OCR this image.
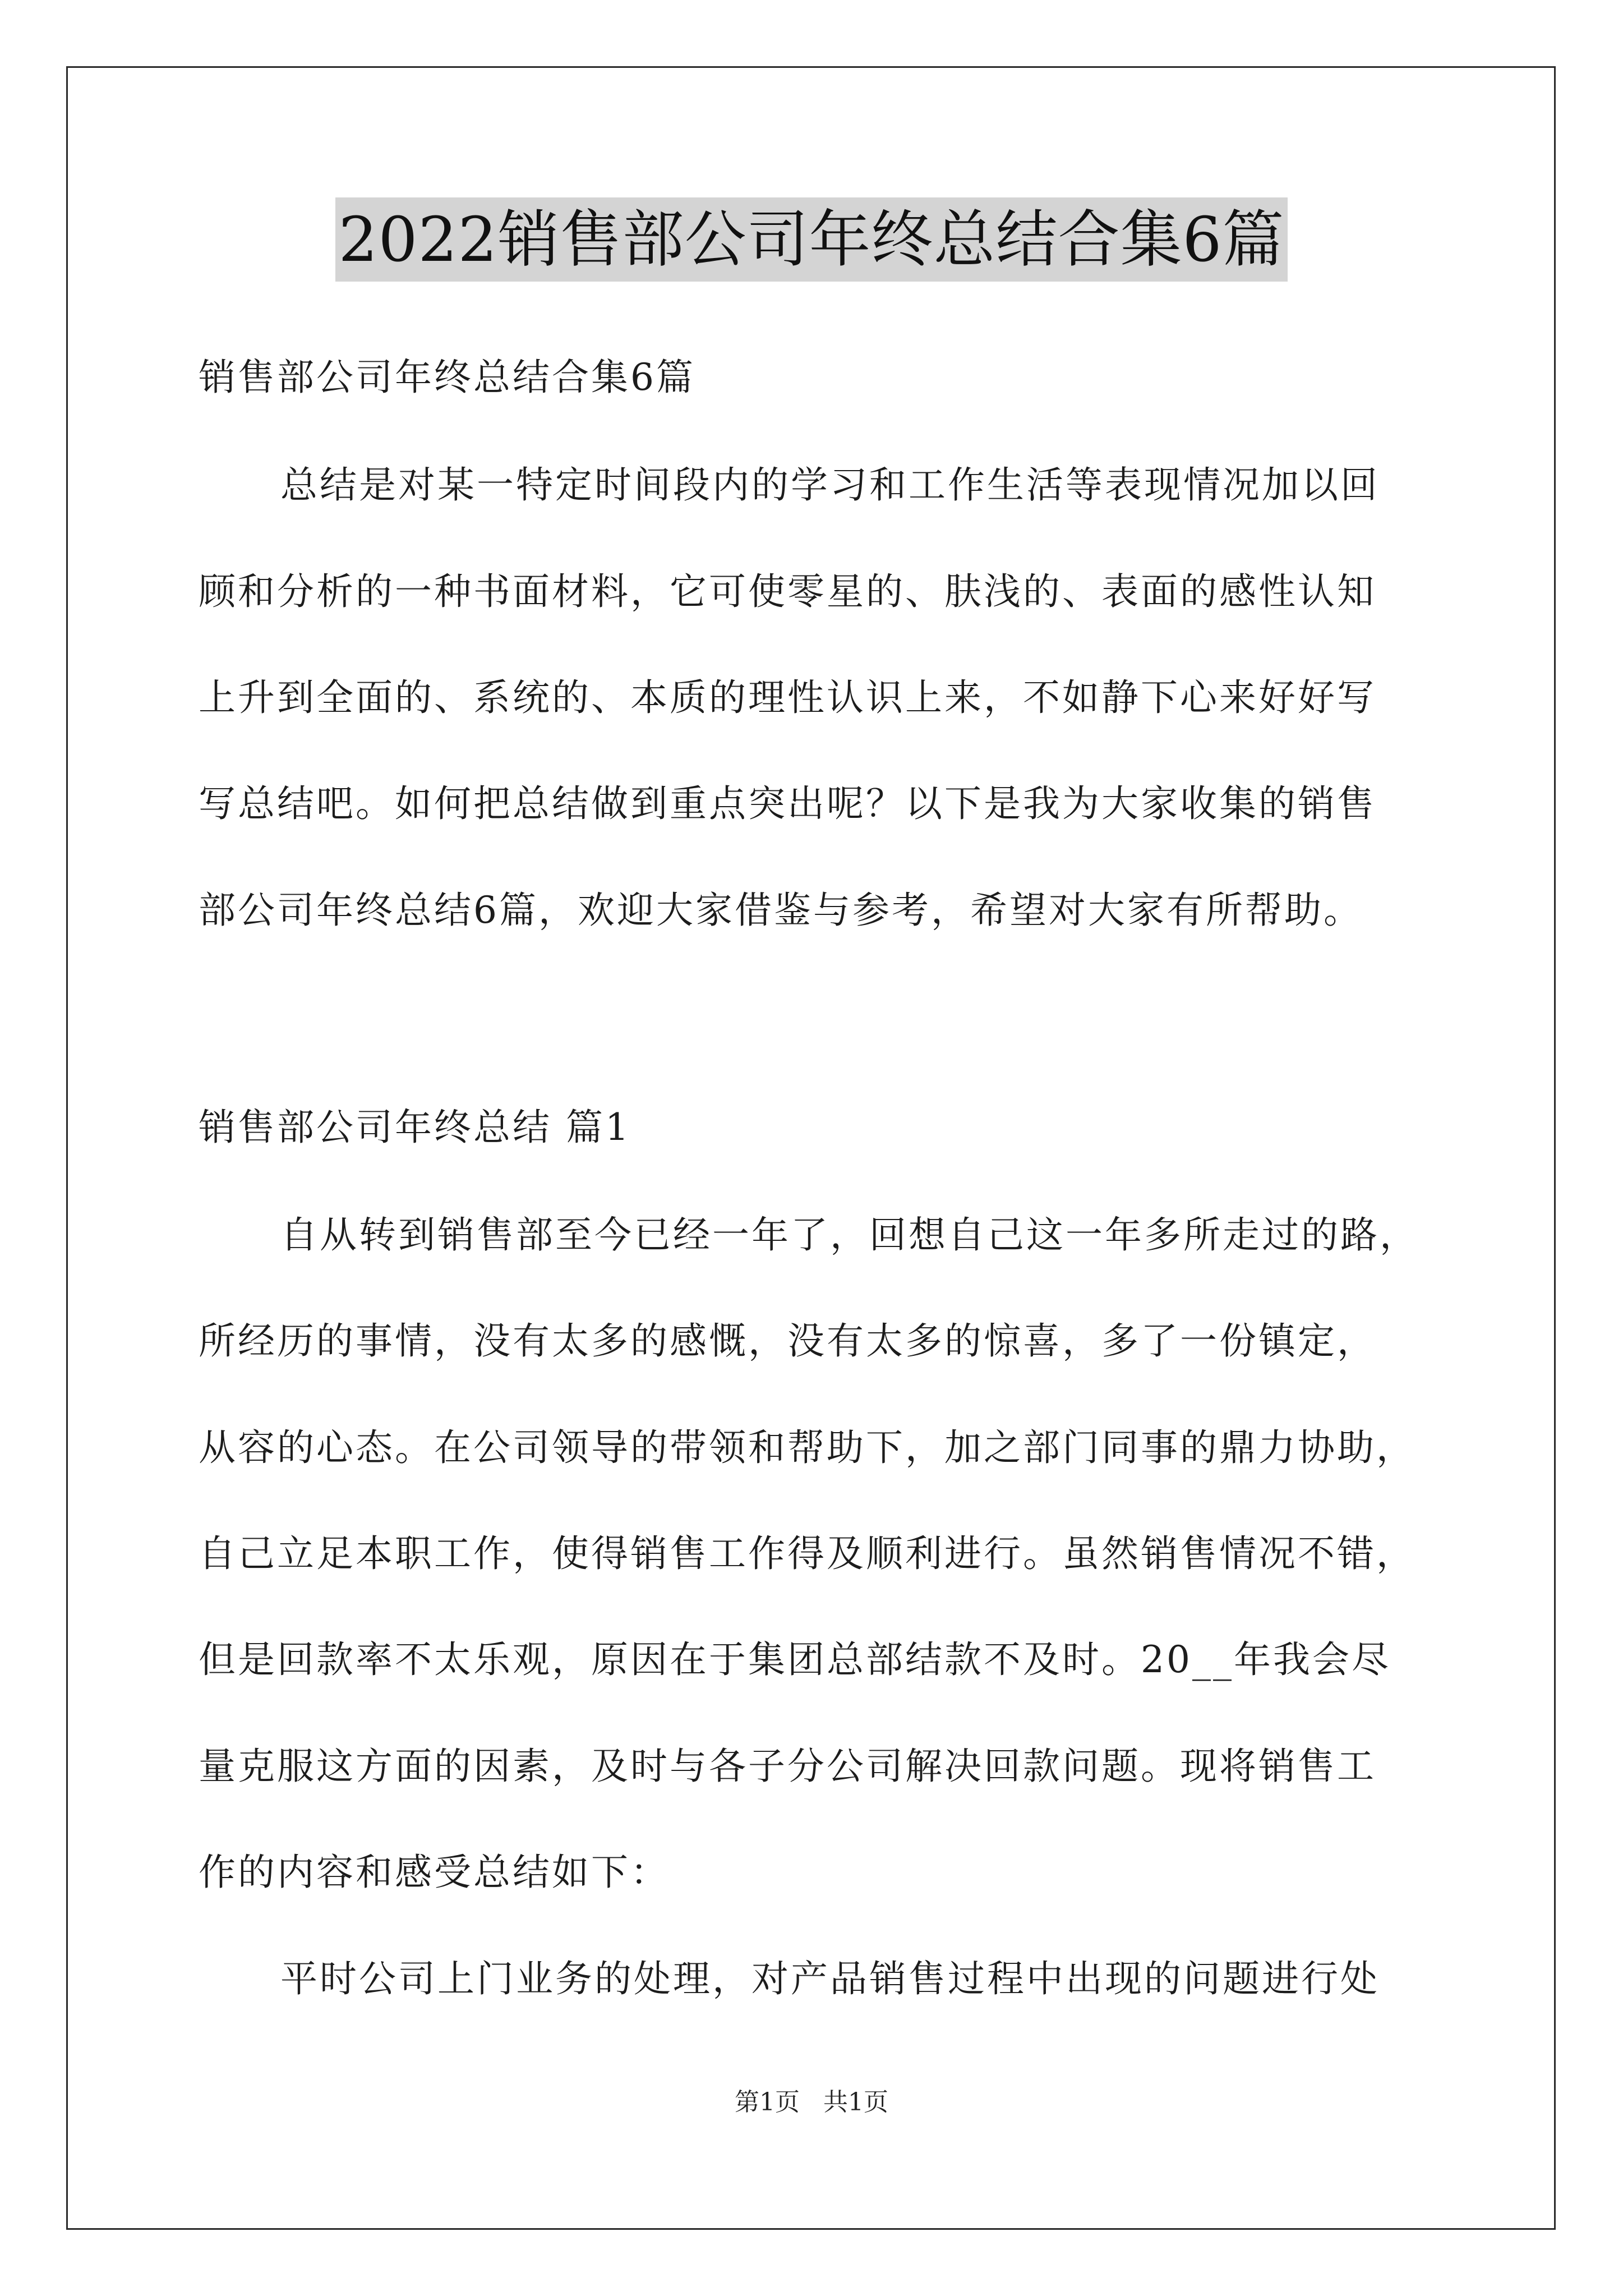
2022销售部公司年终总结合集6篇
销售部公司年终总结合集6篇
总结是对某一特定时间段内的学习和工作生活等表现情况加以回
顾和分析的一种书面材料，它可使零星的、肤浅的、表面的感性认知
上升到全面的、系统的、本质的理性认识上来，不如静下心来好好写
写总结吧。如何把总结做到重点突出呢？以下是我为大家收集的销售
部公司年终总结6篇，欢迎大家借鉴与参考，希望对大家有所帮助。
销售部公司年终总结 篇1
自从转到销售部至今已经一年了，回想自己这一年多所走过的路，
所经历的事情，没有太多的感慨，没有太多的惊喜，多了一份镇定，
从容的心态。在公司领导的带领和帮助下，加之部门同事的鼎力协助，
自己立足本职工作，使得销售工作得及顺利进行。虽然销售情况不错，
但是回款率不太乐观，原因在于集团总部结款不及时。20__年我会尽
量克服这方面的因素，及时与各子分公司解决回款问题。现将销售工
作的内容和感受总结如下：
平时公司上门业务的处理，对产品销售过程中出现的问题进行处
第1页   共1页
